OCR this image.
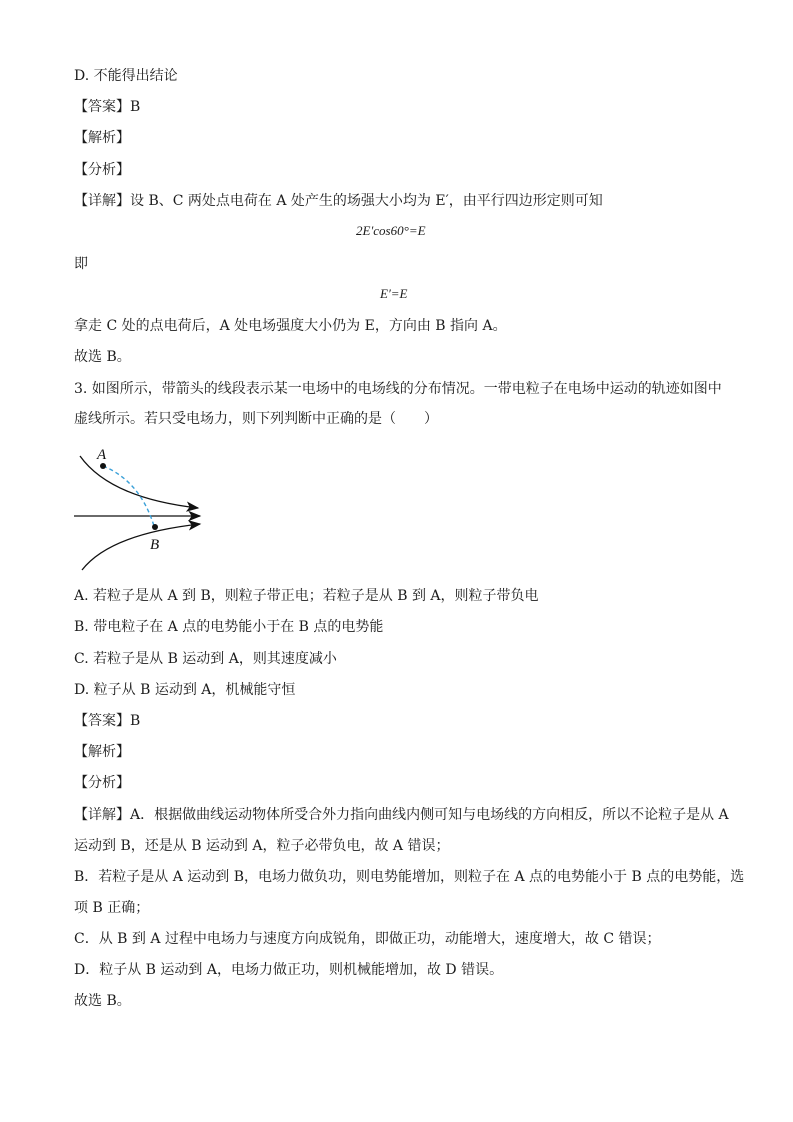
D. 不能得出结论
【答案】B
【解析】
【分析】
【详解】设 B、C 两处点电荷在 A 处产生的场强大小均为 E′，由平行四边形定则可知
2E′cos60°=E
即
E′=E
拿走 C 处的点电荷后，A 处电场强度大小仍为 E，方向由 B 指向 A。
故选 B。
3. 如图所示，带箭头的线段表示某一电场中的电场线的分布情况。一带电粒子在电场中运动的轨迹如图中
虚线所示。若只受电场力，则下列判断中正确的是（　　）
A
B
A. 若粒子是从 A 到 B，则粒子带正电；若粒子是从 B 到 A，则粒子带负电
B. 带电粒子在 A 点的电势能小于在 B 点的电势能
C. 若粒子是从 B 运动到 A，则其速度减小
D. 粒子从 B 运动到 A，机械能守恒
【答案】B
【解析】
【分析】
【详解】A．根据做曲线运动物体所受合外力指向曲线内侧可知与电场线的方向相反，所以不论粒子是从 A
运动到 B，还是从 B 运动到 A，粒子必带负电，故 A 错误；
B．若粒子是从 A 运动到 B，电场力做负功，则电势能增加，则粒子在 A 点的电势能小于 B 点的电势能，选
项 B 正确；
C．从 B 到 A 过程中电场力与速度方向成锐角，即做正功，动能增大，速度增大，故 C 错误；
D．粒子从 B 运动到 A，电场力做正功，则机械能增加，故 D 错误。
故选 B。
